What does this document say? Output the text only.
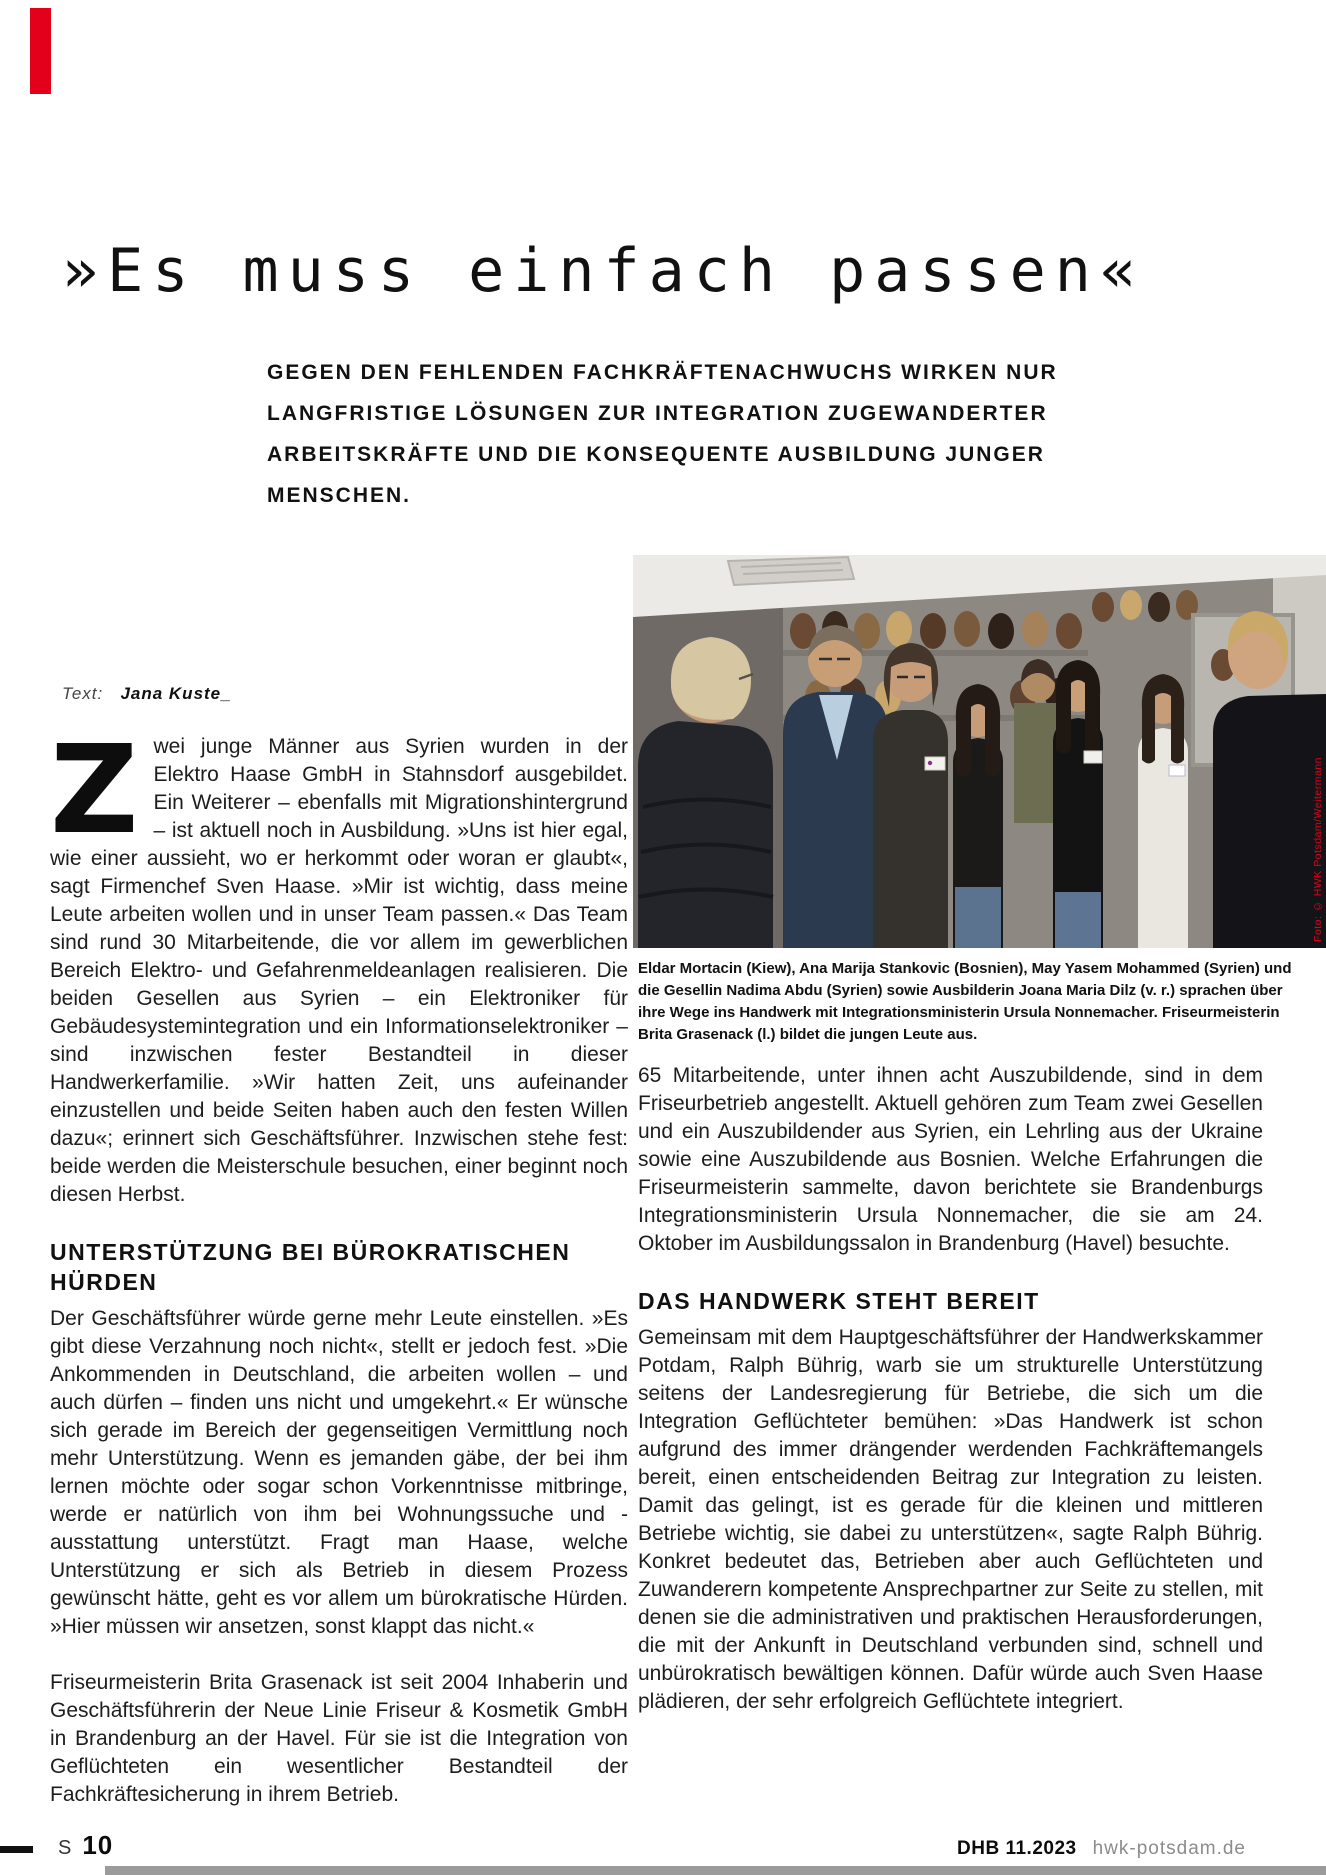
»Es muss einfach passen«
GEGEN DEN FEHLENDEN FACHKRÄFTENACHWUCHS WIRKEN NUR LANGFRISTIGE LÖSUNGEN ZUR INTEGRATION ZUGEWANDERTER ARBEITSKRÄFTE UND DIE KONSEQUENTE AUSBILDUNG JUNGER MENSCHEN.
Text: Jana Kuste_
Foto: © HWK Potsdam/Weitermann
Eldar Mortacin (Kiew), Ana Marija Stankovic (Bosnien), May Yasem Mohammed (Syrien) und die Gesellin Nadima Abdu (Syrien) sowie Ausbilderin Joana Maria Dilz (v. r.) sprachen über ihre Wege ins Handwerk mit Integrationsministerin Ursula Nonnemacher. Friseurmeisterin Brita Grasenack (l.) bildet die jungen Leute aus.

Zwei junge Männer aus Syrien wurden in der Elektro Haase GmbH in Stahnsdorf ausgebildet. Ein Weiterer – ebenfalls mit Migrationshintergrund – ist aktuell noch in Ausbildung. »Uns ist hier egal, wie einer aussieht, wo er herkommt oder woran er glaubt«, sagt Firmenchef Sven Haase. »Mir ist wichtig, dass meine Leute arbeiten wollen und in unser Team passen.« Das Team sind rund 30 Mitarbeitende, die vor allem im gewerblichen Bereich Elektro- und Gefahrenmeldeanlagen realisieren. Die beiden Gesellen aus Syrien – ein Elektroniker für Gebäudesystemintegration und ein Informationselektroniker – sind inzwischen fester Bestandteil in dieser Handwerkerfamilie. »Wir hatten Zeit, uns aufeinander einzustellen und beide Seiten haben auch den festen Willen dazu«; erinnert sich Geschäftsführer. Inzwischen stehe fest: beide werden die Meisterschule besuchen, einer beginnt noch diesen Herbst.

UNTERSTÜTZUNG BEI BÜROKRATISCHEN HÜRDEN

Der Geschäftsführer würde gerne mehr Leute einstellen. »Es gibt diese Verzahnung noch nicht«, stellt er jedoch fest. »Die Ankommenden in Deutschland, die arbeiten wollen – und auch dürfen – finden uns nicht und umgekehrt.« Er wünsche sich gerade im Bereich der gegenseitigen Vermittlung noch mehr Unterstützung. Wenn es jemanden gäbe, der bei ihm lernen möchte oder sogar schon Vorkenntnisse mitbringe, werde er natürlich von ihm bei Wohnungssuche und -ausstattung unterstützt. Fragt man Haase, welche Unterstützung er sich als Betrieb in diesem Prozess gewünscht hätte, geht es vor allem um bürokratische Hürden. »Hier müssen wir ansetzen, sonst klappt das nicht.«

Friseurmeisterin Brita Grasenack ist seit 2004 Inhaberin und Geschäftsführerin der Neue Linie Friseur & Kosmetik GmbH in Brandenburg an der Havel. Für sie ist die Integration von Geflüchteten ein wesentlicher Bestandteil der Fachkräftesicherung in ihrem Betrieb.

65 Mitarbeitende, unter ihnen acht Auszubildende, sind in dem Friseurbetrieb angestellt. Aktuell gehören zum Team zwei Gesellen und ein Auszubildender aus Syrien, ein Lehrling aus der Ukraine sowie eine Auszubildende aus Bosnien. Welche Erfahrungen die Friseurmeisterin sammelte, davon berichtete sie Brandenburgs Integrationsministerin Ursula Nonnemacher, die sie am 24. Oktober im Ausbildungssalon in Brandenburg (Havel) besuchte.

DAS HANDWERK STEHT BEREIT

Gemeinsam mit dem Hauptgeschäftsführer der Handwerkskammer Potdam, Ralph Bührig, warb sie um strukturelle Unterstützung seitens der Landesregierung für Betriebe, die sich um die Integration Geflüchteter bemühen: »Das Handwerk ist schon aufgrund des immer drängender werdenden Fachkräftemangels bereit, einen entscheidenden Beitrag zur Integration zu leisten. Damit das gelingt, ist es gerade für die kleinen und mittleren Betriebe wichtig, sie dabei zu unterstützen«, sagte Ralph Bührig. Konkret bedeutet das, Betrieben aber auch Geflüchteten und Zuwanderern kompetente Ansprechpartner zur Seite zu stellen, mit denen sie die administrativen und praktischen Herausforderungen, die mit der Ankunft in Deutschland verbunden sind, schnell und unbürokratisch bewältigen können. Dafür würde auch Sven Haase plädieren, der sehr erfolgreich Geflüchtete integriert.

S 10	DHB 11.2023 hwk-potsdam.de
